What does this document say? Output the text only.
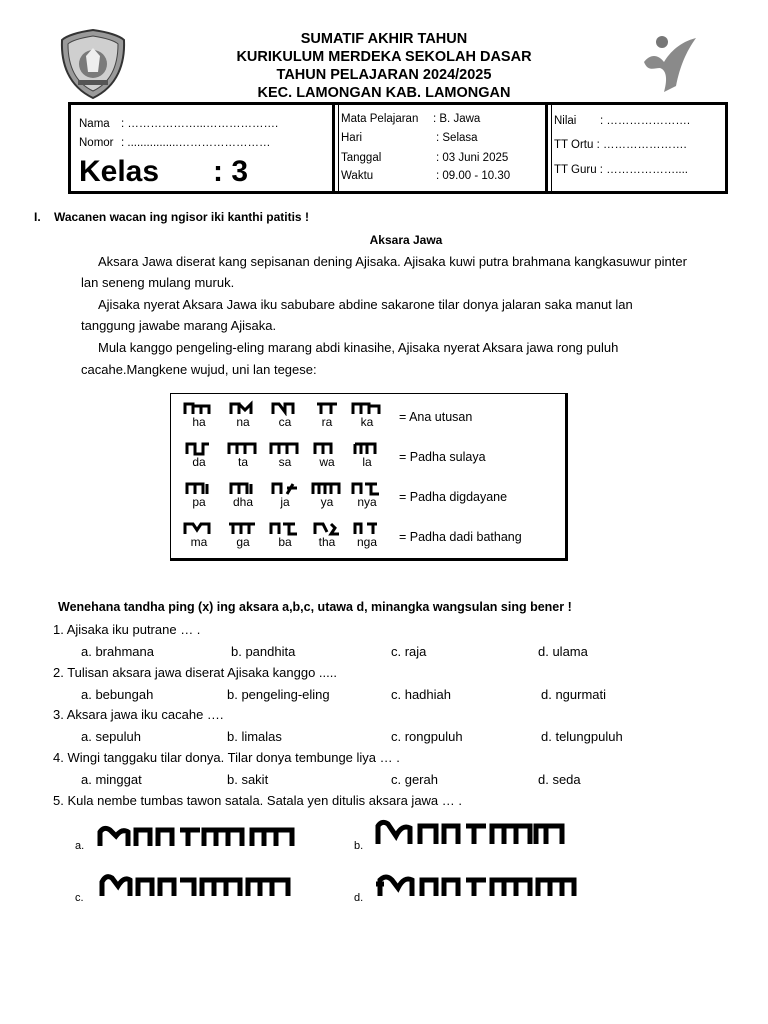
SUMATIF AKHIR TAHUN
KURIKULUM MERDEKA SEKOLAH DASAR
TAHUN PELAJARAN 2024/2025
KEC. LAMONGAN KAB. LAMONGAN
Nama : ………………...……………….
Nomor : ................……………………
Kelas : 3
Mata Pelajaran : B. Jawa
Hari	: Selasa
Tanggal	: 03 Juni 2025
Waktu	: 09.00 - 10.30
Nilai : ………………….
TT Ortu : ………………….
TT Guru : ………………....
I. Wacanen wacan ing ngisor iki kanthi patitis !
Aksara Jawa
Aksara Jawa diserat kang sepisanan dening Ajisaka. Ajisaka kuwi putra brahmana kangkasuwur pinter
lan seneng mulang muruk.
Ajisaka nyerat Aksara Jawa iku sabubare abdine sakarone tilar donya jalaran saka manut lan
tanggung jawabe marang Ajisaka.
Mula kanggo pengeling-eling marang abdi kinasihe, Ajisaka nyerat Aksara jawa rong puluh
cacahe.Mangkene wujud, uni lan tegese:
ha	na	ca	ra	ka	= Ana utusan
da	ta	sa	wa	la	= Padha sulaya
pa	dha	ja	ya	nya	= Padha digdayane
ma	ga	ba	tha	nga	= Padha dadi bathang
Wenehana tandha ping (x) ing aksara a,b,c, utawa d, minangka wangsulan sing bener !
1. Ajisaka iku putrane … .
a. brahmana	b. pandhita	c. raja	d. ulama
2. Tulisan aksara jawa diserat Ajisaka kanggo .....
a. bebungah	b. pengeling-eling	c. hadhiah	d. ngurmati
3. Aksara jawa iku cacahe ….
a. sepuluh	b. limalas	c. rongpuluh	d. telungpuluh
4. Wingi tanggaku tilar donya. Tilar donya tembunge liya … .
a. minggat	b. sakit	c. gerah	d. seda
5. Kula nembe tumbas tawon satala. Satala yen ditulis aksara jawa … .
a.	b.
c.	d.
